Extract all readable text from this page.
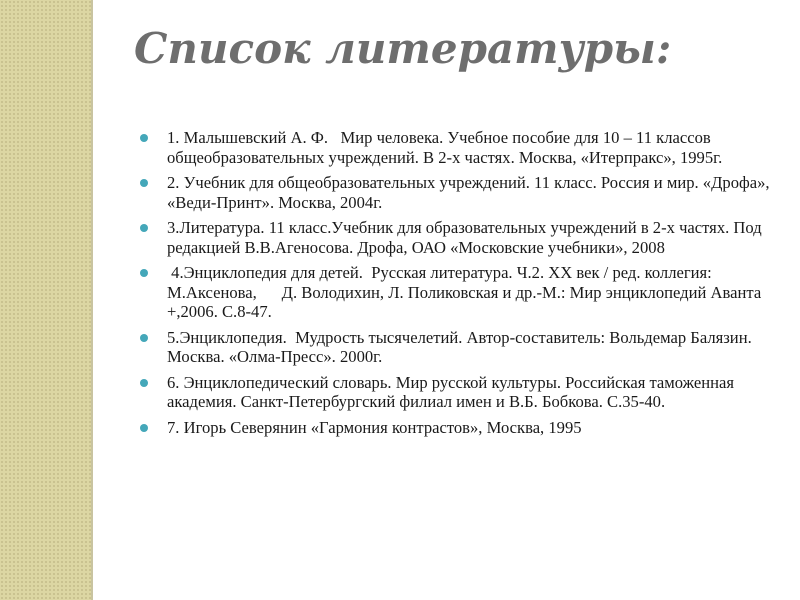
Список литературы:
1. Малышевский А. Ф.   Мир человека. Учебное пособие для 10 – 11 классов общеобразовательных учреждений. В 2-х частях. Москва, «Итерпракс», 1995г.
2. Учебник для общеобразовательных учреждений. 11 класс. Россия и мир. «Дрофа», «Веди-Принт». Москва, 2004г.
3.Литература. 11 класс.Учебник для образовательных учреждений в 2-х частях. Под редакцией В.В.Агеносова. Дрофа, ОАО «Московские учебники», 2008
4.Энциклопедия для детей.  Русская литература. Ч.2. XX век / ред. коллегия: М.Аксенова,      Д. Володихин, Л. Поликовская и др.-М.: Мир энциклопедий Аванта +,2006. С.8-47.
5.Энциклопедия.  Мудрость тысячелетий. Автор-составитель: Вольдемар Балязин. Москва. «Олма-Пресс». 2000г.
6. Энциклопедический словарь. Мир русской культуры. Российская таможенная академия. Санкт-Петербургский филиал имен и В.Б. Бобкова. С.35-40.
7. Игорь Северянин «Гармония контрастов», Москва, 1995
